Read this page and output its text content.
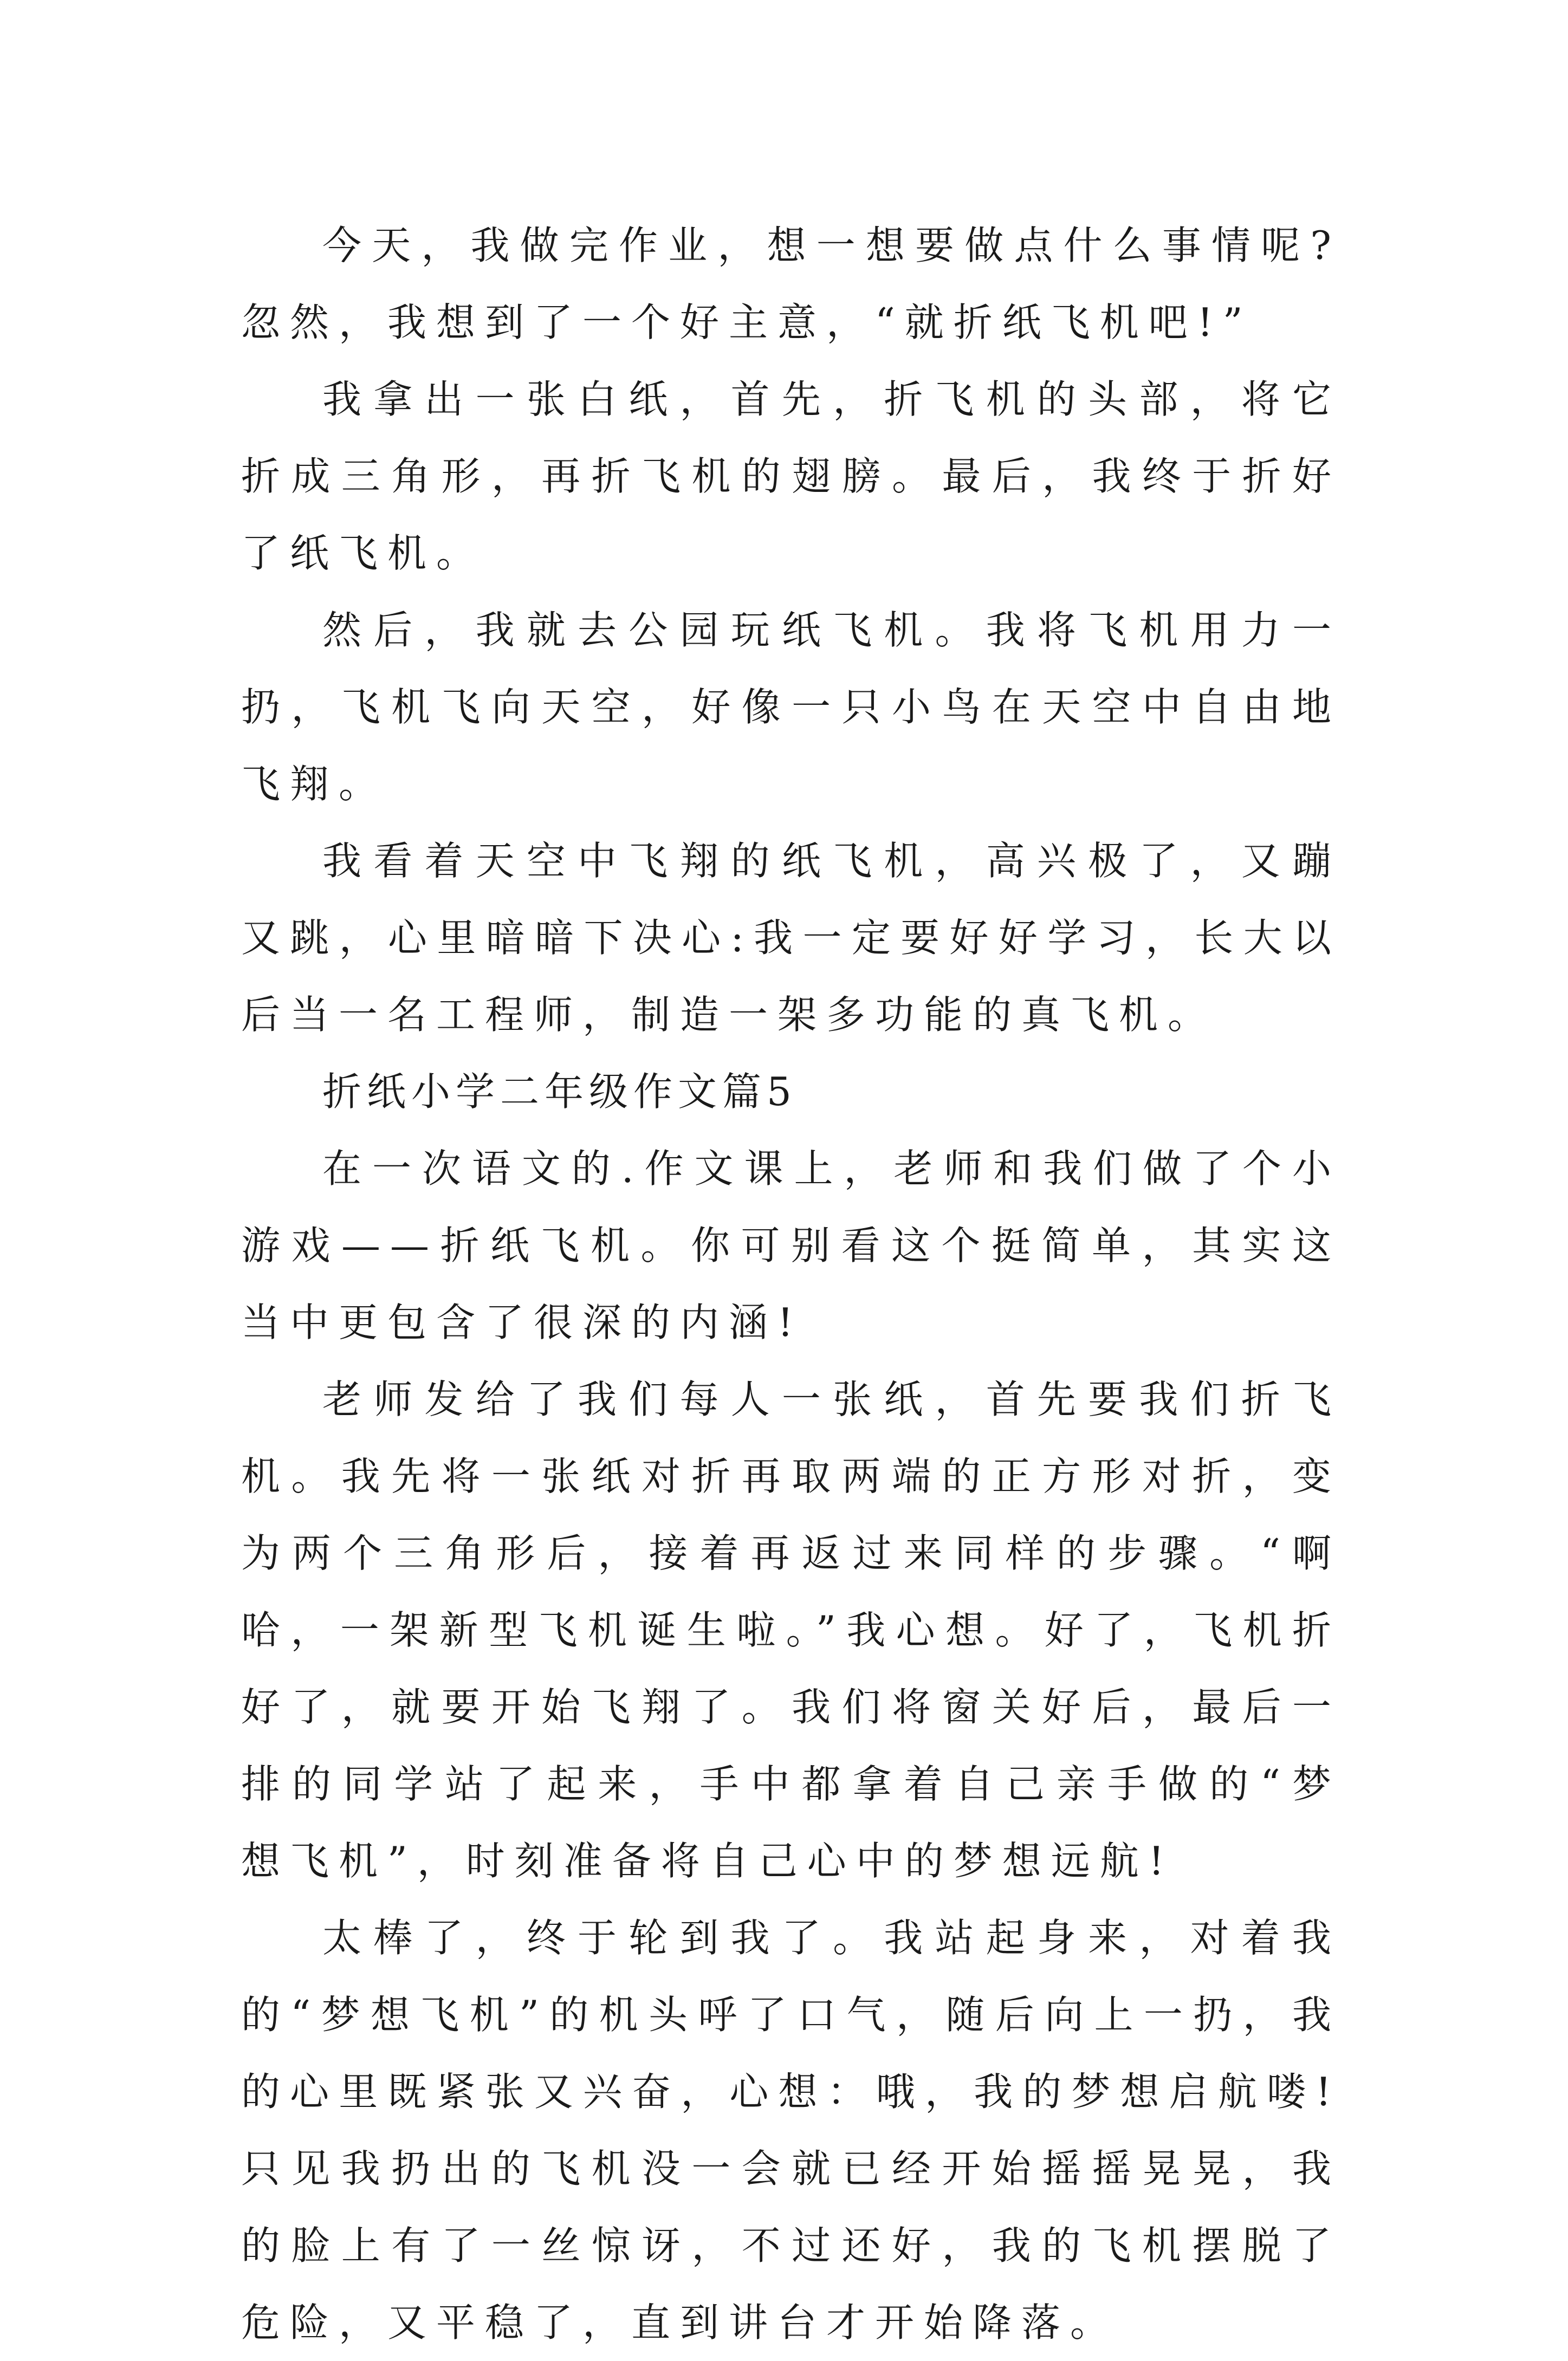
今天，我做完作业，想一想要做点什么事情呢?忽然，我想到了一个好主意，“就折纸飞机吧!”

我拿出一张白纸，首先，折飞机的头部，将它折成三角形，再折飞机的翅膀。最后，我终于折好了纸飞机。

然后，我就去公园玩纸飞机。我将飞机用力一扔，飞机飞向天空，好像一只小鸟在天空中自由地飞翔。

我看着天空中飞翔的纸飞机，高兴极了，又蹦又跳，心里暗暗下决心:我一定要好好学习，长大以后当一名工程师，制造一架多功能的真飞机。

折纸小学二年级作文篇5

在一次语文的.作文课上，老师和我们做了个小游戏——折纸飞机。你可别看这个挺简单，其实这当中更包含了很深的内涵!

老师发给了我们每人一张纸，首先要我们折飞机。我先将一张纸对折再取两端的正方形对折，变为两个三角形后，接着再返过来同样的步骤。“啊哈，一架新型飞机诞生啦。”我心想。好了，飞机折好了，就要开始飞翔了。我们将窗关好后，最后一排的同学站了起来，手中都拿着自己亲手做的“梦想飞机”，时刻准备将自己心中的梦想远航!

太棒了，终于轮到我了。我站起身来，对着我的“梦想飞机”的机头呼了口气，随后向上一扔，我的心里既紧张又兴奋，心想：哦，我的梦想启航喽!只见我扔出的飞机没一会就已经开始摇摇晃晃，我的脸上有了一丝惊讶，不过还好，我的飞机摆脱了危险，又平稳了，直到讲台才开始降落。
